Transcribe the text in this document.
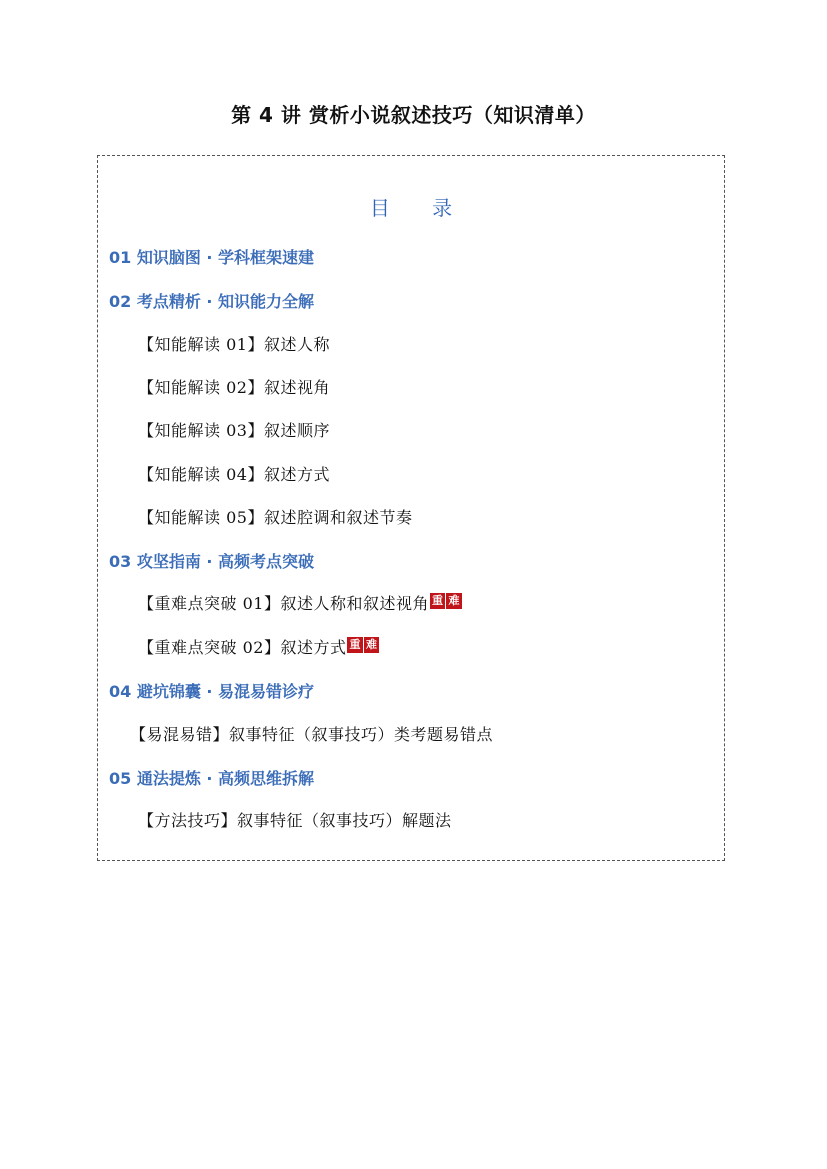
第 4 讲 赏析小说叙述技巧（知识清单）
目 录
01 知识脑图 · 学科框架速建
02 考点精析 · 知识能力全解
【知能解读 01】叙述人称
【知能解读 02】叙述视角
【知能解读 03】叙述顺序
【知能解读 04】叙述方式
【知能解读 05】叙述腔调和叙述节奏
03 攻坚指南 · 高频考点突破
【重难点突破 01】叙述人称和叙述视角 重 难
【重难点突破 02】叙述方式 重 难
04 避坑锦囊 · 易混易错诊疗
【易混易错】叙事特征（叙事技巧）类考题易错点
05 通法提炼 · 高频思维拆解
【方法技巧】叙事特征（叙事技巧）解题法
